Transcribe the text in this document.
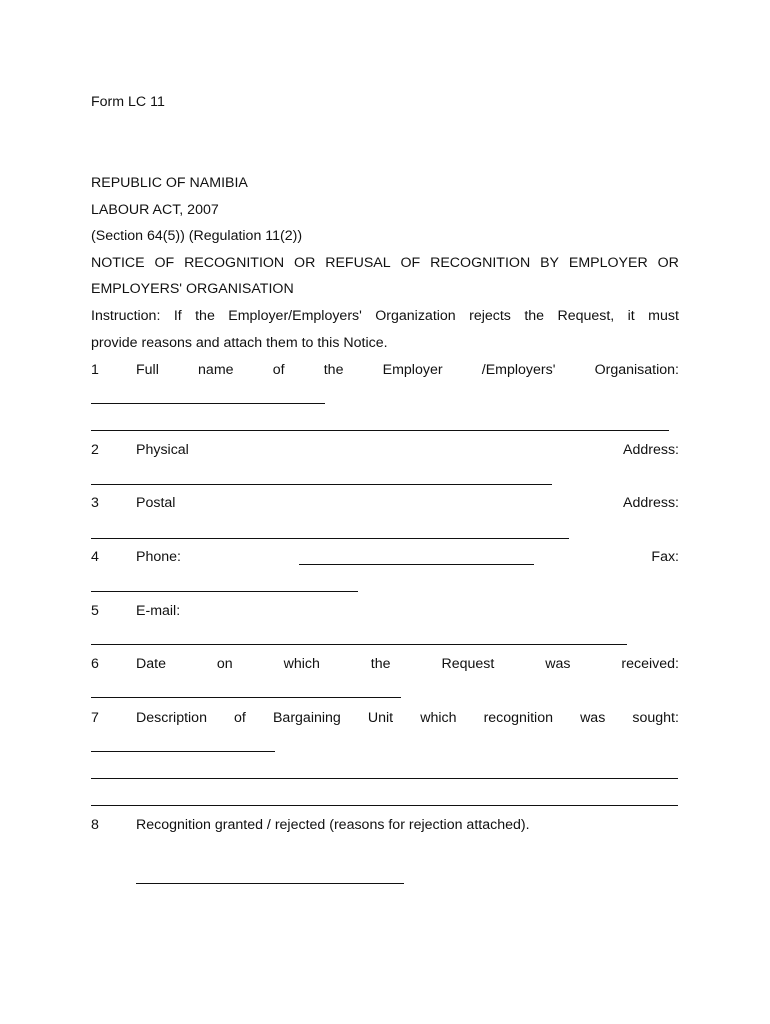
Form LC 11
REPUBLIC OF NAMIBIA
LABOUR ACT, 2007
(Section 64(5)) (Regulation 11(2))
NOTICE OF RECOGNITION OR REFUSAL OF RECOGNITION BY EMPLOYER OR
EMPLOYERS' ORGANISATION
Instruction: If the Employer/Employers' Organization rejects the Request, it must
provide reasons and attach them to this Notice.
1	Full	name	of	the	Employer	/Employers'	Organisation:
2	Physical	Address:
3	Postal	Address:
4	Phone:	Fax:
5	E-mail:
6	Date	on	which	the	Request	was	received:
7	Description of Bargaining Unit which recognition was sought:
8	Recognition granted / rejected (reasons for rejection attached).
